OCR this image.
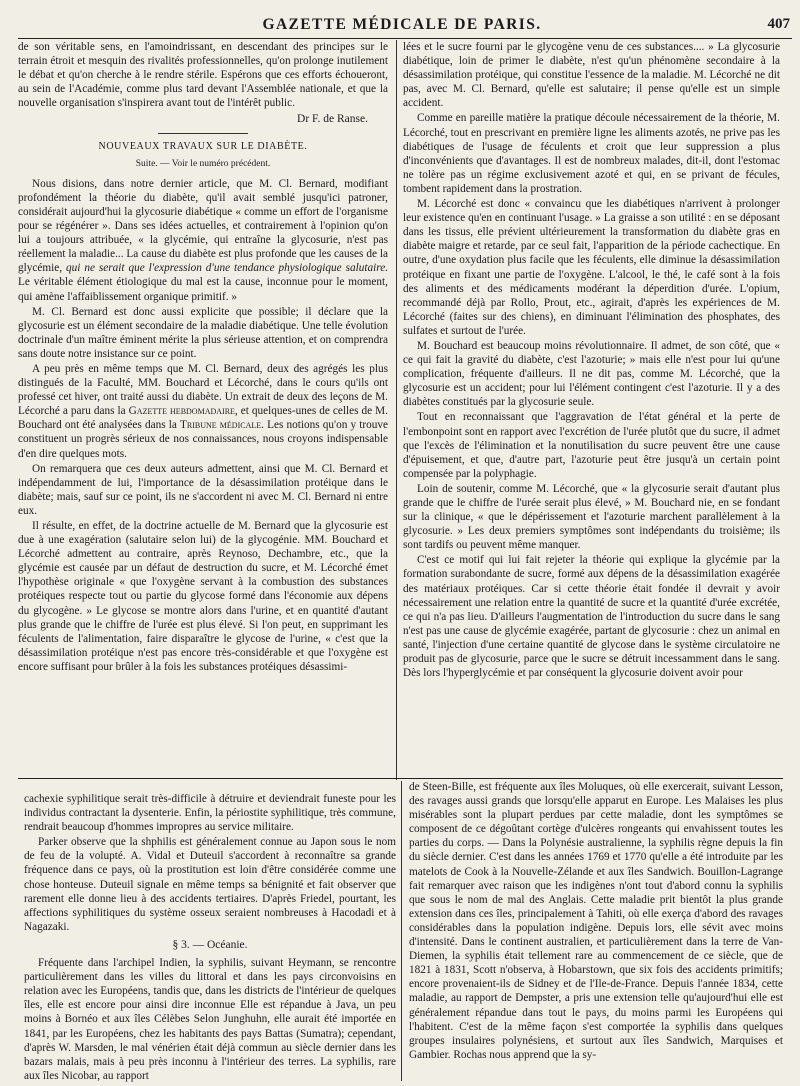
GAZETTE MÉDICALE DE PARIS.	407

de son véritable sens, en l'amoindrissant, en descendant des principes sur le terrain étroit et mesquin des rivalités professionnelles, qu'on prolonge inutilement le débat et qu'on cherche à le rendre stérile. Espérons que ces efforts échoueront, au sein de l'Académie, comme plus tard devant l'Assemblée nationale, et que la nouvelle organisation s'inspirera avant tout de l'intérêt public.

Dr F. de Ranse.
NOUVEAUX TRAVAUX SUR LE DIABÈTE.
Suite. — Voir le numéro précédent.

Nous disions, dans notre dernier article, que M. Cl. Bernard, modifiant profondément la théorie du diabète, qu'il avait semblé jusqu'ici patroner, considérait aujourd'hui la glycosurie diabétique « comme un effort de l'organisme pour se régénérer ». Dans ses idées actuelles, et contrairement à l'opinion qu'on lui a toujours attribuée, « la glycémie, qui entraîne la glycosurie, n'est pas réellement la maladie... La cause du diabète est plus profonde que les causes de la glycémie, qui ne serait que l'expression d'une tendance physiologique salutaire. Le véritable élément étiologique du mal est la cause, inconnue pour le moment, qui amène l'affaiblissement organique primitif. »

M. Cl. Bernard est donc aussi explicite que possible; il déclare que la glycosurie est un élément secondaire de la maladie diabétique. Une telle évolution doctrinale d'un maître éminent mérite la plus sérieuse attention, et on comprendra sans doute notre insistance sur ce point.

A peu près en même temps que M. Cl. Bernard, deux des agrégés les plus distingués de la Faculté, MM. Bouchard et Lécorché, dans le cours qu'ils ont professé cet hiver, ont traité aussi du diabète. Un extrait de deux des leçons de M. Lécorché a paru dans la Gazette hebdomadaire, et quelques-unes de celles de M. Bouchard ont été analysées dans la Tribune médicale. Les notions qu'on y trouve constituent un progrès sérieux de nos connaissances, nous croyons indispensable d'en dire quelques mots.

On remarquera que ces deux auteurs admettent, ainsi que M. Cl. Bernard et indépendamment de lui, l'importance de la désassimilation protéique dans le diabète; mais, sauf sur ce point, ils ne s'accordent ni avec M. Cl. Bernard ni entre eux.

Il résulte, en effet, de la doctrine actuelle de M. Bernard que la glycosurie est due à une exagération (salutaire selon lui) de la glycogénie. MM. Bouchard et Lécorché admettent au contraire, après Reynoso, Dechambre, etc., que la glycémie est causée par un défaut de destruction du sucre, et M. Lécorché émet l'hypothèse originale « que l'oxygène servant à la combustion des substances protéiques respecte tout ou partie du glycose formé dans l'économie aux dépens du glycogène. » Le glycose se montre alors dans l'urine, et en quantité d'autant plus grande que le chiffre de l'urée est plus élevé. Si l'on peut, en supprimant les féculents de l'alimentation, faire disparaître le glycose de l'urine, « c'est que la désassimilation protéique n'est pas encore très-considérable et que l'oxygène est encore suffisant pour brûler à la fois les substances protéiques désassimi-

lées et le sucre fourni par le glycogène venu de ces substances.... » La glycosurie diabétique, loin de primer le diabète, n'est qu'un phénomène secondaire à la désassimilation protéique, qui constitue l'essence de la maladie. M. Lécorché ne dit pas, avec M. Cl. Bernard, qu'elle est salutaire; il pense qu'elle est un simple accident.

Comme en pareille matière la pratique découle nécessairement de la théorie, M. Lécorché, tout en prescrivant en première ligne les aliments azotés, ne prive pas les diabétiques de l'usage de féculents et croit que leur suppression a plus d'inconvénients que d'avantages. Il est de nombreux malades, dit-il, dont l'estomac ne tolère pas un régime exclusivement azoté et qui, en se privant de fécules, tombent rapidement dans la prostration.

M. Lécorché est donc « convaincu que les diabétiques n'arrivent à prolonger leur existence qu'en en continuant l'usage. » La graisse a son utilité : en se déposant dans les tissus, elle prévient ultérieurement la transformation du diabète gras en diabète maigre et retarde, par ce seul fait, l'apparition de la période cachectique. En outre, d'une oxydation plus facile que les féculents, elle diminue la désassimilation protéique en fixant une partie de l'oxygène. L'alcool, le thé, le café sont à la fois des aliments et des médicaments modérant la déperdition d'urée. L'opium, recommandé déjà par Rollo, Prout, etc., agirait, d'après les expériences de M. Lécorché (faites sur des chiens), en diminuant l'élimination des phosphates, des sulfates et surtout de l'urée.

M. Bouchard est beaucoup moins révolutionnaire. Il admet, de son côté, que « ce qui fait la gravité du diabète, c'est l'azoturie; » mais elle n'est pour lui qu'une complication, fréquente d'ailleurs. Il ne dit pas, comme M. Lécorché, que la glycosurie est un accident; pour lui l'élément contingent c'est l'azoturie. Il y a des diabètes constitués par la glycosurie seule.

Tout en reconnaissant que l'aggravation de l'état général et la perte de l'embonpoint sont en rapport avec l'excrétion de l'urée plutôt que du sucre, il admet que l'excès de l'élimination et la nonutilisation du sucre peuvent être une cause d'épuisement, et que, d'autre part, l'azoturie peut être jusqu'à un certain point compensée par la polyphagie.

Loin de soutenir, comme M. Lécorché, que « la glycosurie serait d'autant plus grande que le chiffre de l'urée serait plus élevé, » M. Bouchard nie, en se fondant sur la clinique, « que le dépérissement et l'azoturie marchent parallèlement à la glycosurie. » Les deux premiers symptômes sont indépendants du troisième; ils sont tardifs ou peuvent même manquer.

C'est ce motif qui lui fait rejeter la théorie qui explique la glycémie par la formation surabondante de sucre, formé aux dépens de la désassimilation exagérée des matériaux protéiques. Car si cette théorie était fondée il devrait y avoir nécessairement une relation entre la quantité de sucre et la quantité d'urée excrétée, ce qui n'a pas lieu. D'ailleurs l'augmentation de l'introduction du sucre dans le sang n'est pas une cause de glycémie exagérée, partant de glycosurie : chez un animal en santé, l'injection d'une certaine quantité de glycose dans le système circulatoire ne produit pas de glycosurie, parce que le sucre se détruit incessamment dans le sang. Dès lors l'hyperglycémie et par conséquent la glycosurie doivent avoir pour

cachexie syphilitique serait très-difficile à détruire et deviendrait funeste pour les individus contractant la dysenterie. Enfin, la périostite syphilitique, très commune, rendrait beaucoup d'hommes impropres au service militaire.

Parker observe que la shphilis est généralement connue au Japon sous le nom de feu de la volupté. A. Vidal et Duteuil s'accordent à reconnaître sa grande fréquence dans ce pays, où la prostitution est loin d'être considérée comme une chose honteuse. Duteuil signale en même temps sa bénignité et fait observer que rarement elle donne lieu à des accidents tertiaires. D'après Friedel, pourtant, les affections syphilitiques du système osseux seraient nombreuses à Hacodadi et à Nagazaki.

§ 3. — Océanie.

Fréquente dans l'archipel Indien, la syphilis, suivant Heymann, se rencontre particulièrement dans les villes du littoral et dans les pays circonvoisins en relation avec les Européens, tandis que, dans les districts de l'intérieur de quelques îles, elle est encore pour ainsi dire inconnue Elle est répandue à Java, un peu moins à Bornéo et aux îles Célèbes Selon Junghuhn, elle aurait été importée en 1841, par les Européens, chez les habitants des pays Battas (Sumatra); cependant, d'après W. Marsden, le mal vénérien était déjà commun au siècle dernier dans les bazars malais, mais à peu près inconnu à l'intérieur des terres. La syphilis, rare aux îles Nicobar, au rapport

de Steen-Bille, est fréquente aux îles Moluques, où elle exercerait, suivant Lesson, des ravages aussi grands que lorsqu'elle apparut en Europe. Les Malaises les plus misérables sont la plupart perdues par cette maladie, dont les symptômes se composent de ce dégoûtant cortège d'ulcères rongeants qui envahissent toutes les parties du corps. — Dans la Polynésie australienne, la syphilis règne depuis la fin du siècle dernier. C'est dans les années 1769 et 1770 qu'elle a été introduite par les matelots de Cook à la Nouvelle-Zélande et aux îles Sandwich. Bouillon-Lagrange fait remarquer avec raison que les indigènes n'ont tout d'abord connu la syphilis que sous le nom de mal des Anglais. Cette maladie prit bientôt la plus grande extension dans ces îles, principalement à Tahiti, où elle exerça d'abord des ravages considérables dans la population indigène. Depuis lors, elle sévit avec moins d'intensité. Dans le continent australien, et particulièrement dans la terre de Van-Diemen, la syphilis était tellement rare au commencement de ce siècle, que de 1821 à 1831, Scott n'observa, à Hobarstown, que six fois des accidents primitifs; encore provenaient-ils de Sidney et de l'Ile-de-France. Depuis l'année 1834, cette maladie, au rapport de Dempster, a pris une extension telle qu'aujourd'hui elle est généralement répandue dans tout le pays, du moins parmi les Européens qui l'habitent. C'est de la même façon s'est comportée la syphilis dans quelques groupes insulaires polynésiens, et surtout aux îles Sandwich, Marquises et Gambier. Rochas nous apprend que la sy-
